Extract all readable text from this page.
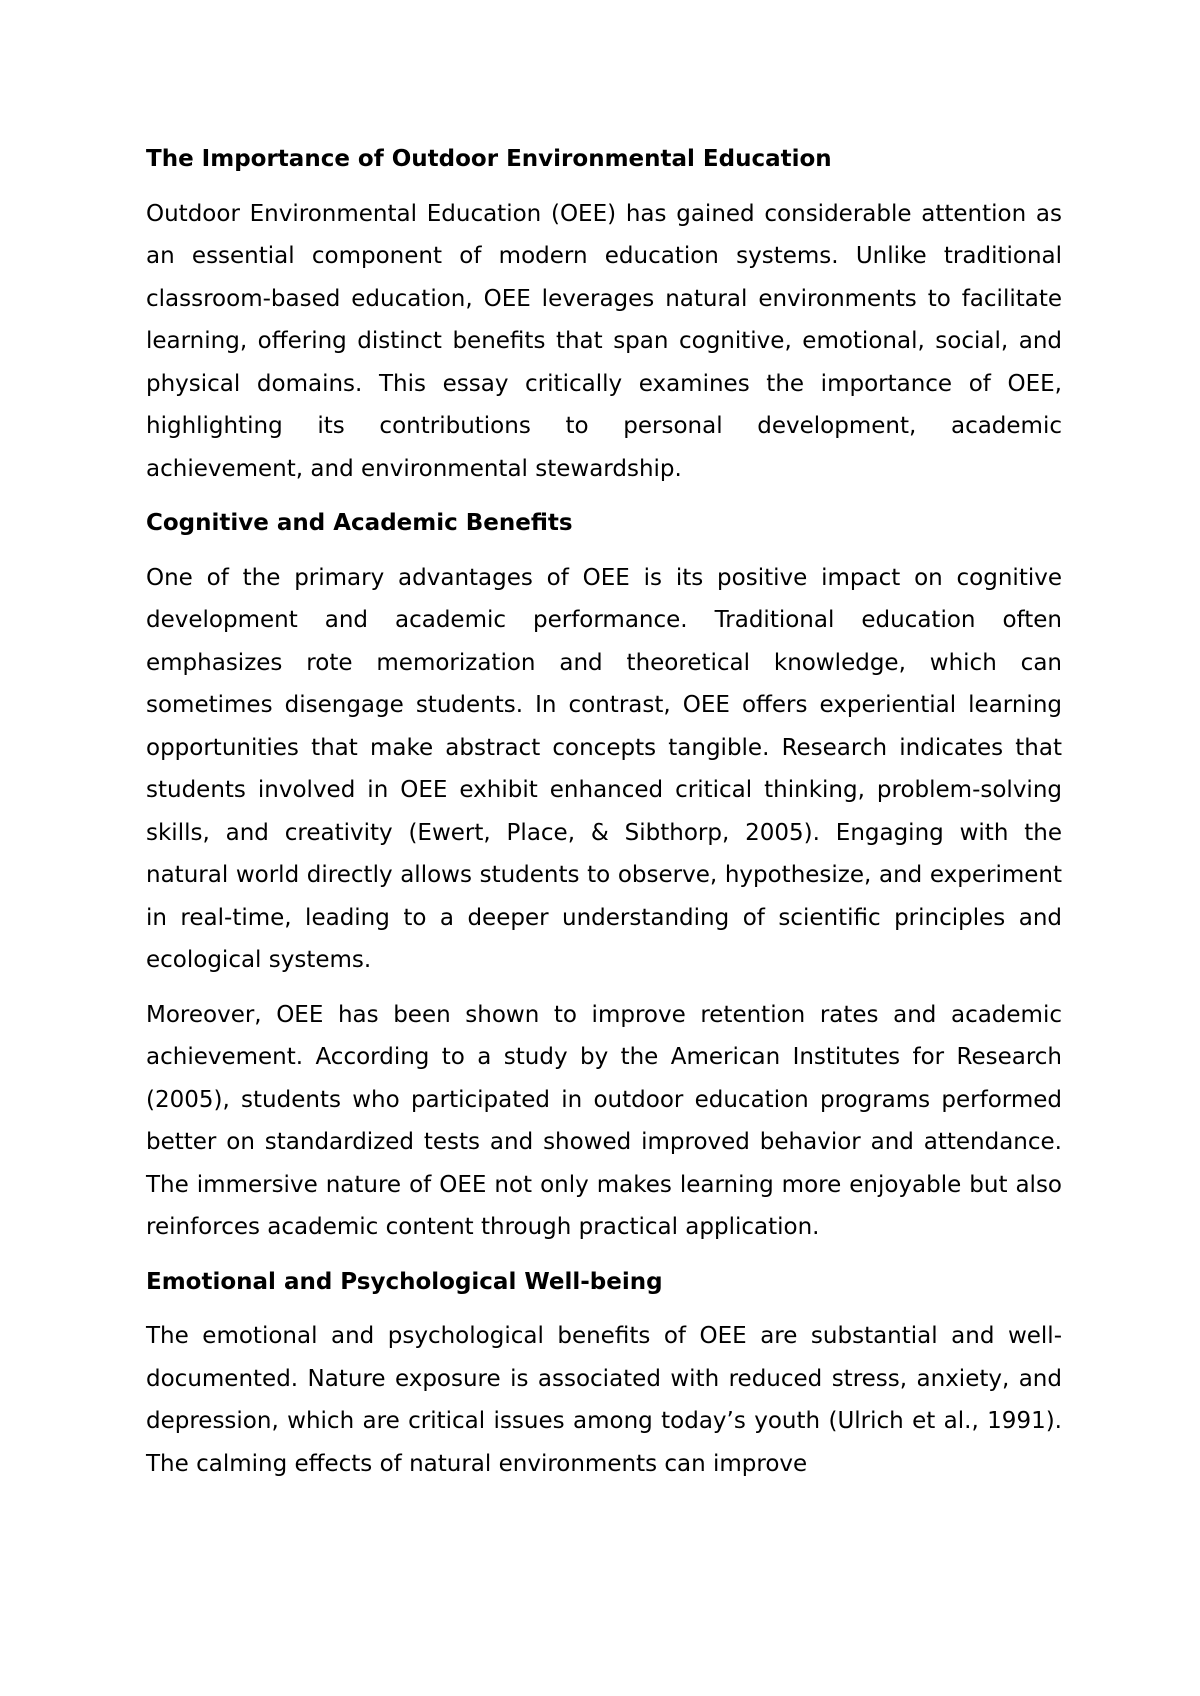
The Importance of Outdoor Environmental Education

Outdoor Environmental Education (OEE) has gained considerable attention as an essential component of modern education systems. Unlike traditional classroom-based education, OEE leverages natural environments to facilitate learning, offering distinct benefits that span cognitive, emotional, social, and physical domains. This essay critically examines the importance of OEE, highlighting its contributions to personal development, academic achievement, and environmental stewardship.

Cognitive and Academic Benefits

One of the primary advantages of OEE is its positive impact on cognitive development and academic performance. Traditional education often emphasizes rote memorization and theoretical knowledge, which can sometimes disengage students. In contrast, OEE offers experiential learning opportunities that make abstract concepts tangible. Research indicates that students involved in OEE exhibit enhanced critical thinking, problem-solving skills, and creativity (Ewert, Place, & Sibthorp, 2005). Engaging with the natural world directly allows students to observe, hypothesize, and experiment in real-time, leading to a deeper understanding of scientific principles and ecological systems.

Moreover, OEE has been shown to improve retention rates and academic achievement. According to a study by the American Institutes for Research (2005), students who participated in outdoor education programs performed better on standardized tests and showed improved behavior and attendance. The immersive nature of OEE not only makes learning more enjoyable but also reinforces academic content through practical application.

Emotional and Psychological Well-being

The emotional and psychological benefits of OEE are substantial and well-documented. Nature exposure is associated with reduced stress, anxiety, and depression, which are critical issues among today’s youth (Ulrich et al., 1991). The calming effects of natural environments can improve
